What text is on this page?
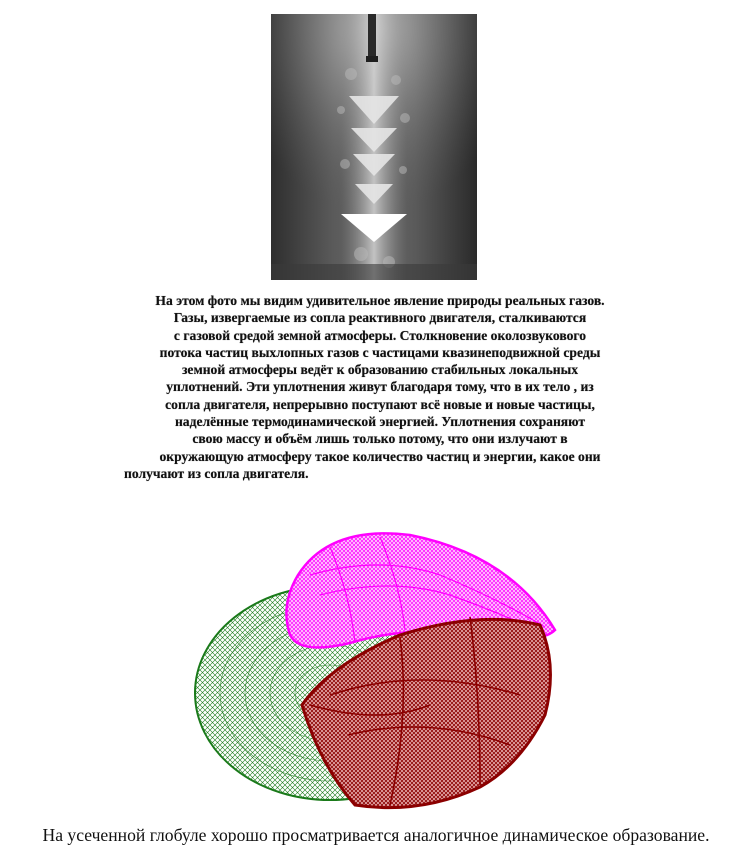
На этом фото мы видим удивительное явление природы реальных газов.
Газы, извергаемые из сопла реактивного двигателя, сталкиваются
с газовой средой земной атмосферы. Столкновение околозвукового
потока частиц выхлопных газов с частицами квазинеподвижной среды
земной атмосферы ведёт к образованию стабильных локальных
уплотнений. Эти уплотнения живут благодаря тому, что в их тело , из
сопла двигателя, непрерывно поступают всё новые и новые частицы,
наделённые термодинамической энергией. Уплотнения сохраняют
свою массу и объём лишь только потому, что они излучают в
окружающую атмосферу такое количество частиц и энергии, какое они
получают из сопла двигателя.

На усеченной глобуле хорошо просматривается аналогичное динамическое образование.
